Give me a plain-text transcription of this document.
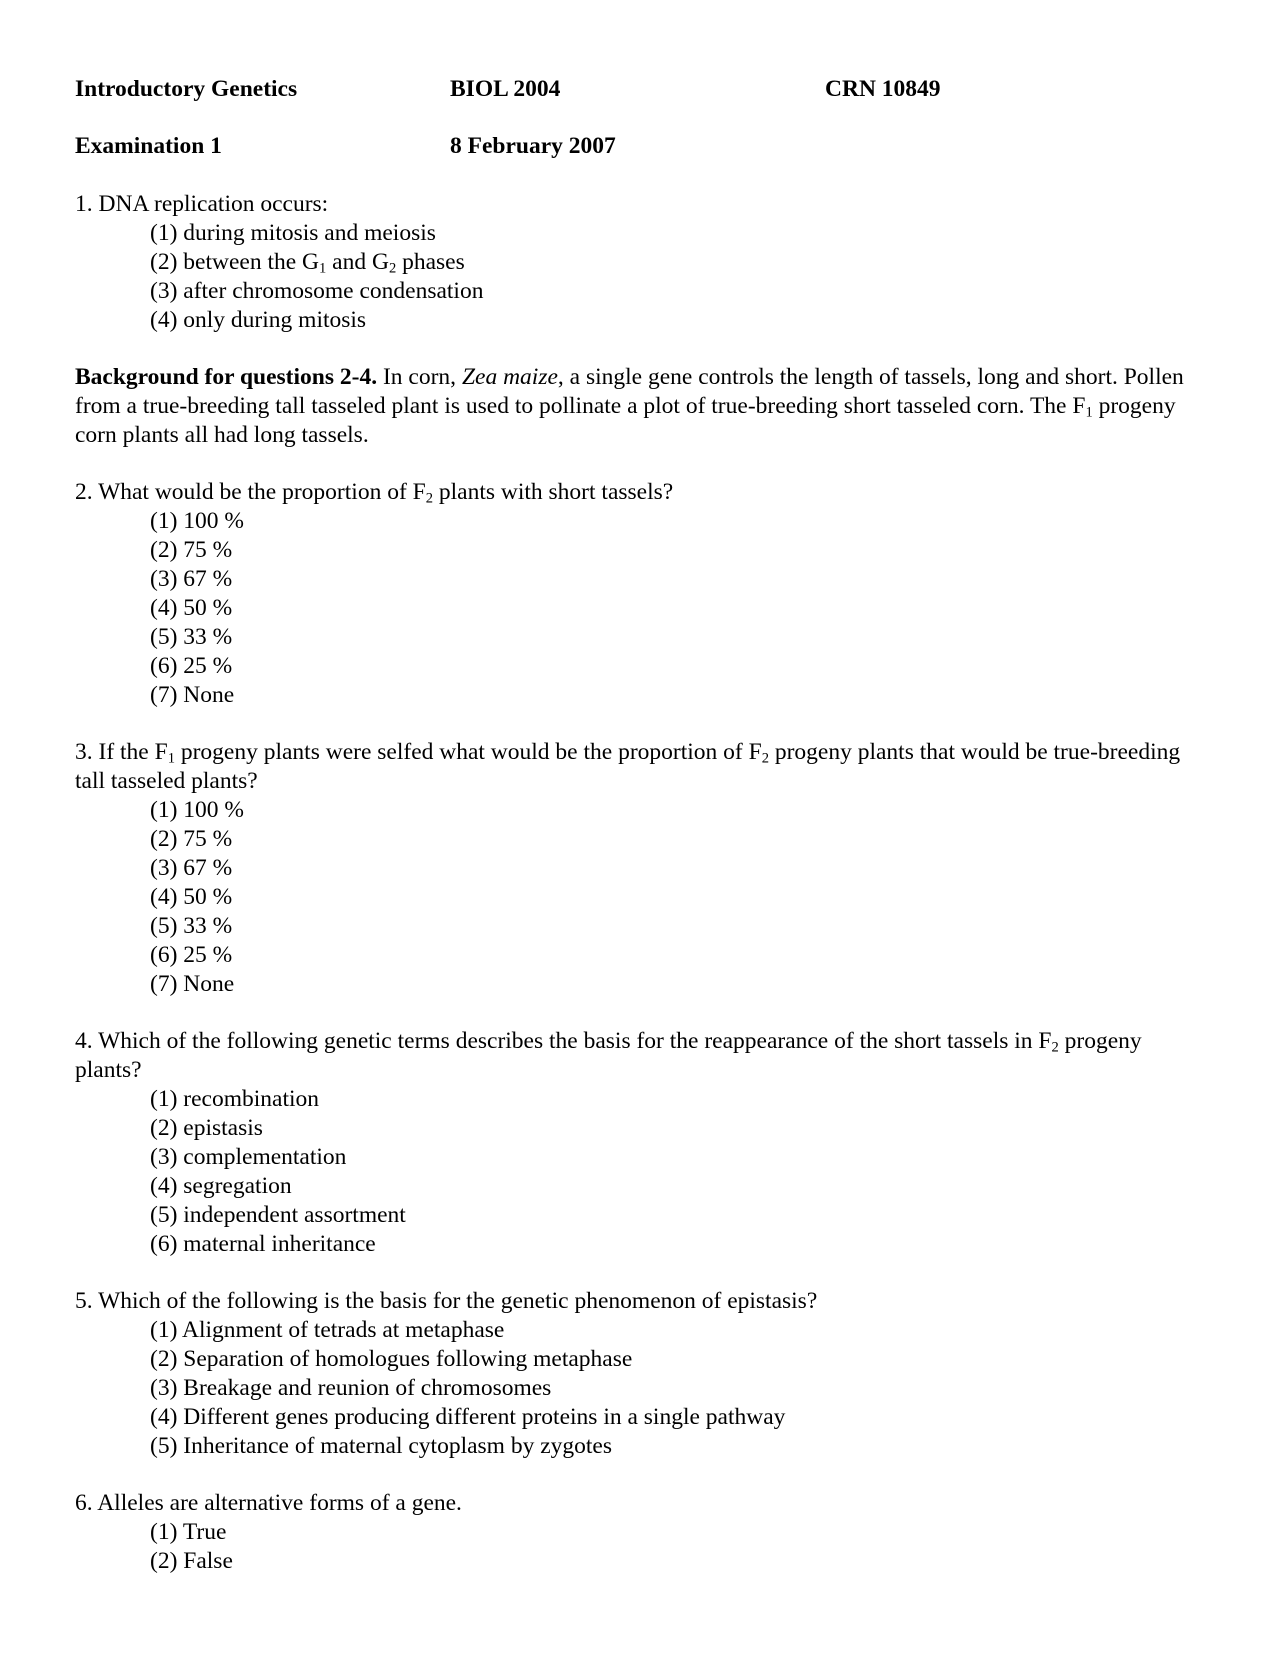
Introductory Genetics	BIOL 2004	CRN 10849
Examination 1	8 February 2007
1. DNA replication occurs:
(1) during mitosis and meiosis
(2) between the $G_1$ and $G_2$ phases
(3) after chromosome condensation
(4) only during mitosis
Background for questions 2-4. In corn, Zea maize, a single gene controls the length of tassels, long and short. Pollen from a true-breeding tall tasseled plant is used to pollinate a plot of true-breeding short tasseled corn. The $F_1$ progeny corn plants all had long tassels.
2. What would be the proportion of $F_2$ plants with short tassels?
(1) 100 %
(2) 75 %
(3) 67 %
(4) 50 %
(5) 33 %
(6) 25 %
(7) None
3. If the $F_1$ progeny plants were selfed what would be the proportion of $F_2$ progeny plants that would be true-breeding tall tasseled plants?
(1) 100 %
(2) 75 %
(3) 67 %
(4) 50 %
(5) 33 %
(6) 25 %
(7) None
4. Which of the following genetic terms describes the basis for the reappearance of the short tassels in $F_2$ progeny plants?
(1) recombination
(2) epistasis
(3) complementation
(4) segregation
(5) independent assortment
(6) maternal inheritance
5. Which of the following is the basis for the genetic phenomenon of epistasis?
(1) Alignment of tetrads at metaphase
(2) Separation of homologues following metaphase
(3) Breakage and reunion of chromosomes
(4) Different genes producing different proteins in a single pathway
(5) Inheritance of maternal cytoplasm by zygotes
6. Alleles are alternative forms of a gene.
(1) True
(2) False
